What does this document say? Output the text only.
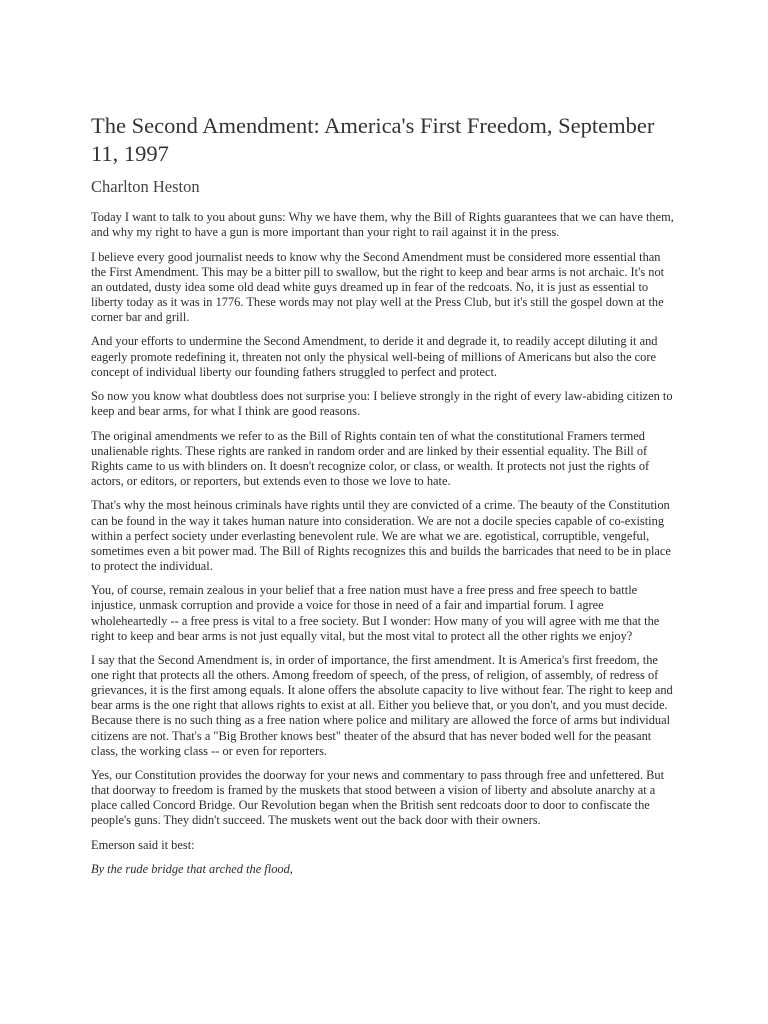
The Second Amendment: America's First Freedom, September 11, 1997
Charlton Heston

Today I want to talk to you about guns: Why we have them, why the Bill of Rights guarantees that we can have them, and why my right to have a gun is more important than your right to rail against it in the press.

I believe every good journalist needs to know why the Second Amendment must be considered more essential than the First Amendment. This may be a bitter pill to swallow, but the right to keep and bear arms is not archaic. It's not an outdated, dusty idea some old dead white guys dreamed up in fear of the redcoats. No, it is just as essential to liberty today as it was in 1776. These words may not play well at the Press Club, but it's still the gospel down at the corner bar and grill.

And your efforts to undermine the Second Amendment, to deride it and degrade it, to readily accept diluting it and eagerly promote redefining it, threaten not only the physical well-being of millions of Americans but also the core concept of individual liberty our founding fathers struggled to perfect and protect.

So now you know what doubtless does not surprise you: I believe strongly in the right of every law-abiding citizen to keep and bear arms, for what I think are good reasons.

The original amendments we refer to as the Bill of Rights contain ten of what the constitutional Framers termed unalienable rights. These rights are ranked in random order and are linked by their essential equality. The Bill of Rights came to us with blinders on. It doesn't recognize color, or class, or wealth. It protects not just the rights of actors, or editors, or reporters, but extends even to those we love to hate.

That's why the most heinous criminals have rights until they are convicted of a crime. The beauty of the Constitution can be found in the way it takes human nature into consideration. We are not a docile species capable of co-existing within a perfect society under everlasting benevolent rule. We are what we are. egotistical, corruptible, vengeful, sometimes even a bit power mad. The Bill of Rights recognizes this and builds the barricades that need to be in place to protect the individual.

You, of course, remain zealous in your belief that a free nation must have a free press and free speech to battle injustice, unmask corruption and provide a voice for those in need of a fair and impartial forum. I agree wholeheartedly -- a free press is vital to a free society. But I wonder: How many of you will agree with me that the right to keep and bear arms is not just equally vital, but the most vital to protect all the other rights we enjoy?

I say that the Second Amendment is, in order of importance, the first amendment. It is America's first freedom, the one right that protects all the others. Among freedom of speech, of the press, of religion, of assembly, of redress of grievances, it is the first among equals. It alone offers the absolute capacity to live without fear. The right to keep and bear arms is the one right that allows rights to exist at all. Either you believe that, or you don't, and you must decide. Because there is no such thing as a free nation where police and military are allowed the force of arms but individual citizens are not. That's a "Big Brother knows best" theater of the absurd that has never boded well for the peasant class, the working class -- or even for reporters.

Yes, our Constitution provides the doorway for your news and commentary to pass through free and unfettered. But that doorway to freedom is framed by the muskets that stood between a vision of liberty and absolute anarchy at a place called Concord Bridge. Our Revolution began when the British sent redcoats door to door to confiscate the people's guns. They didn't succeed. The muskets went out the back door with their owners.

Emerson said it best:

By the rude bridge that arched the flood,
